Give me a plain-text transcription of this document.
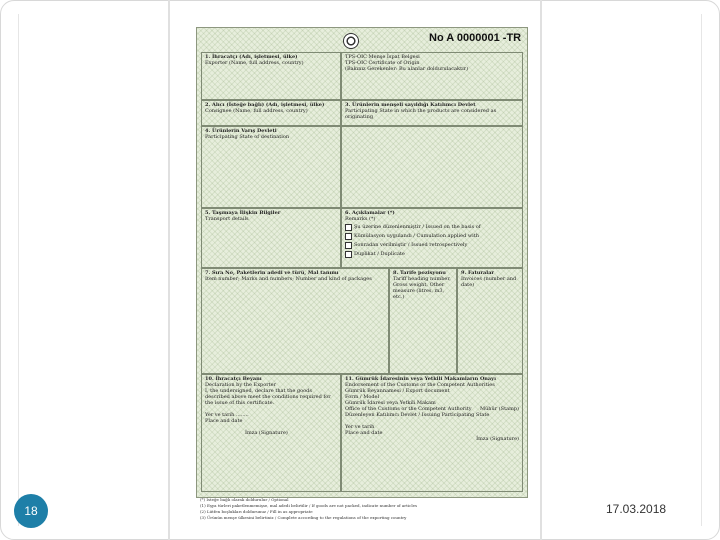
1. İhracatçı (Adı, işletmesi, ülke)
Exporter (Name, full address, country)
TPS-OIC Menşe İspat Belgesi
TPS-OIC Certificate of Origin
(Bakınız Gerekenler: Bu alanlar doldurulacaktır)
No A 0000001 -TR
2. Alıcı (İsteğe bağlı) (Adı, işletmesi, ülke)
Consignee (Name, full address, country)
3. Ürünlerin menşeli sayıldığı Katılımcı Devlet
Participating State in which the products are considered as originating
4. Ürünlerin Varış Devleti
Participating State of destination
5. Taşımaya İlişkin Bilgiler
Transport details
6. Açıklamalar (*)
Remarks (*)
Şu üzerine düzenlenmiştir / Issued on the basis of
Kümülasyon uygulandı / Cumulation applied with
Sonradan verilmiştir / Issued retrospectively
Duplikat / Duplicate
7. Sıra No, Paketlerin adedi ve türü, Mal tanımı
Item number; Marks and numbers; Number and kind of packages
8. Tarife pozisyonu
Tariff heading number, Gross weight, Other measure (litres, m3, etc.)
9. Faturalar
Invoices (number and date)
10. İhracatçı Beyanı
Declaration by the Exporter
I, the undersigned, declare that the goods described above meet the conditions required for the issue of this certificate.

Yer ve tarih ........
Place and date

İmza (Signature)
11. Gümrük İdaresinin veya Yetkili Makamların Onayı
Endorsement of the Customs or the Competent Authorities
Gümrük Beyannamesi / Export document
Form / Model
Gümrük İdaresi veya Yetkili Makam
Office of the Customs or the Competent Authority Mühür (Stamp)

Düzenleyen Katılımcı Devlet / Issuing Participating State

Yer ve tarih
Place and date

İmza (Signature)
(*) İsteğe bağlı olarak doldurulur / Optional
(1) Eşya türleri paketlenmemişse, mal adedi belirtilir / If goods are not packed, indicate number of articles
(2) Lütfen boşlukları doldurunuz / Fill in as appropriate
(3) Ürünün menşe ülkesini belirtiniz / Complete according to the regulations of the exporting country
18	17.03.2018
